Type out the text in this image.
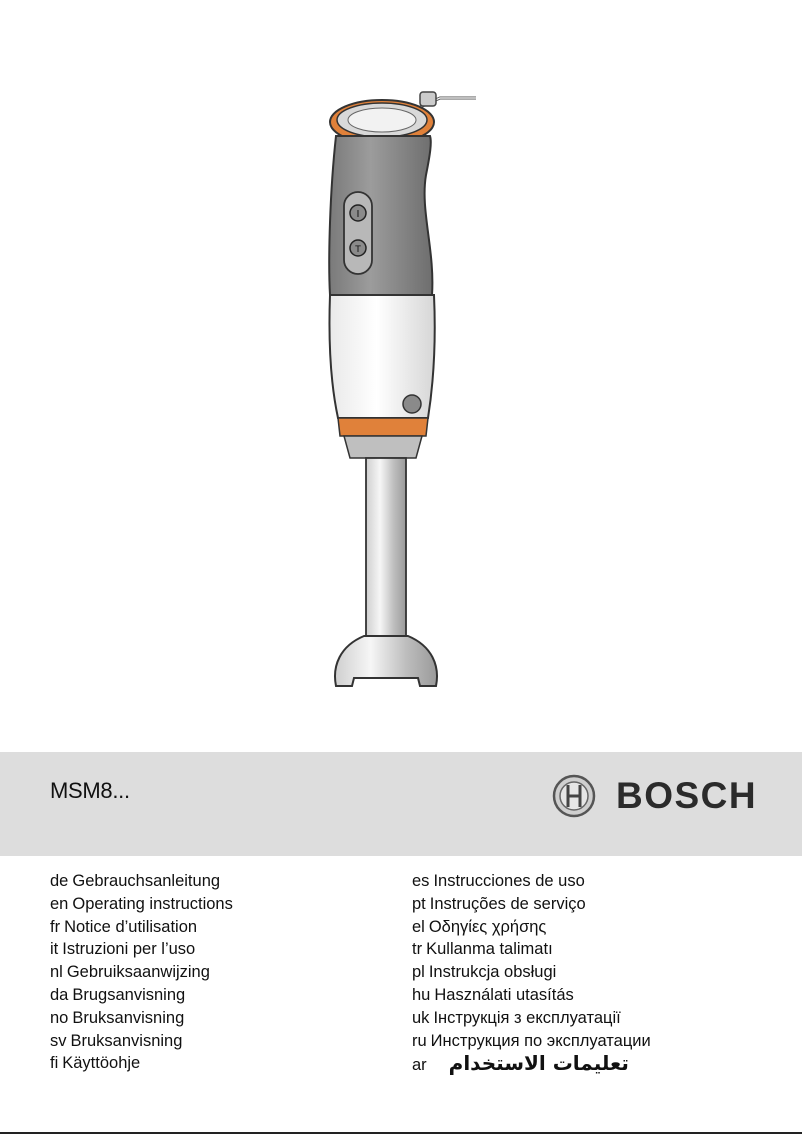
I
T
MSM8...	BOSCH
de Gebrauchsanleitung
en Operating instructions
fr Notice d’utilisation
it Istruzioni per l’uso
nl Gebruiksaanwijzing
da Brugsanvisning
no Bruksanvisning
sv Bruksanvisning
fi Käyttöohje
es Instrucciones de uso
pt Instruções de serviço
el Οδηγίες χρήσης
tr Kullanma talimatı
pl Instrukcja obsługi
hu Használati utasítás
uk Інструкція з експлуатації
ru Инструкция по эксплуатации
ar تعليمات الاستخدام
